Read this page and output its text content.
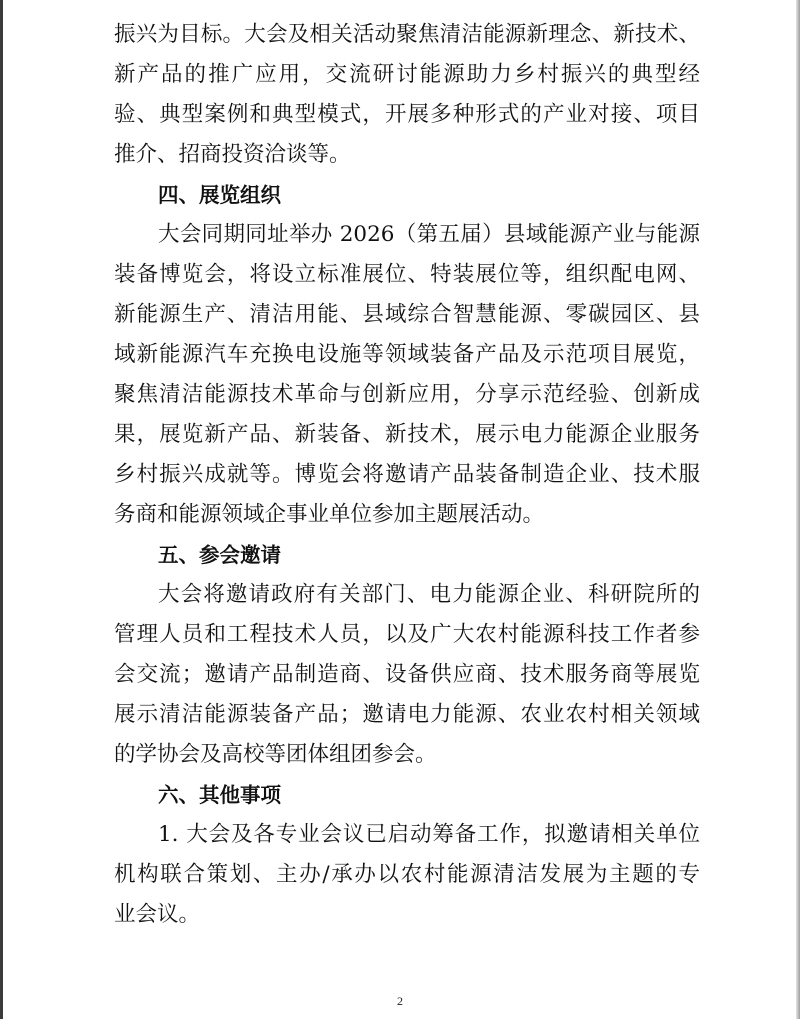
振兴为目标。大会及相关活动聚焦清洁能源新理念、新技术、
新产品的推广应用，交流研讨能源助力乡村振兴的典型经
验、典型案例和典型模式，开展多种形式的产业对接、项目
推介、招商投资洽谈等。
四、展览组织
大会同期同址举办 2026（第五届）县域能源产业与能源
装备博览会，将设立标准展位、特装展位等，组织配电网、
新能源生产、清洁用能、县域综合智慧能源、零碳园区、县
域新能源汽车充换电设施等领域装备产品及示范项目展览，
聚焦清洁能源技术革命与创新应用，分享示范经验、创新成
果，展览新产品、新装备、新技术，展示电力能源企业服务
乡村振兴成就等。博览会将邀请产品装备制造企业、技术服
务商和能源领域企事业单位参加主题展活动。
五、参会邀请
大会将邀请政府有关部门、电力能源企业、科研院所的
管理人员和工程技术人员，以及广大农村能源科技工作者参
会交流；邀请产品制造商、设备供应商、技术服务商等展览
展示清洁能源装备产品；邀请电力能源、农业农村相关领域
的学协会及高校等团体组团参会。
六、其他事项
1. 大会及各专业会议已启动筹备工作，拟邀请相关单位
机构联合策划、主办/承办以农村能源清洁发展为主题的专
业会议。
2
